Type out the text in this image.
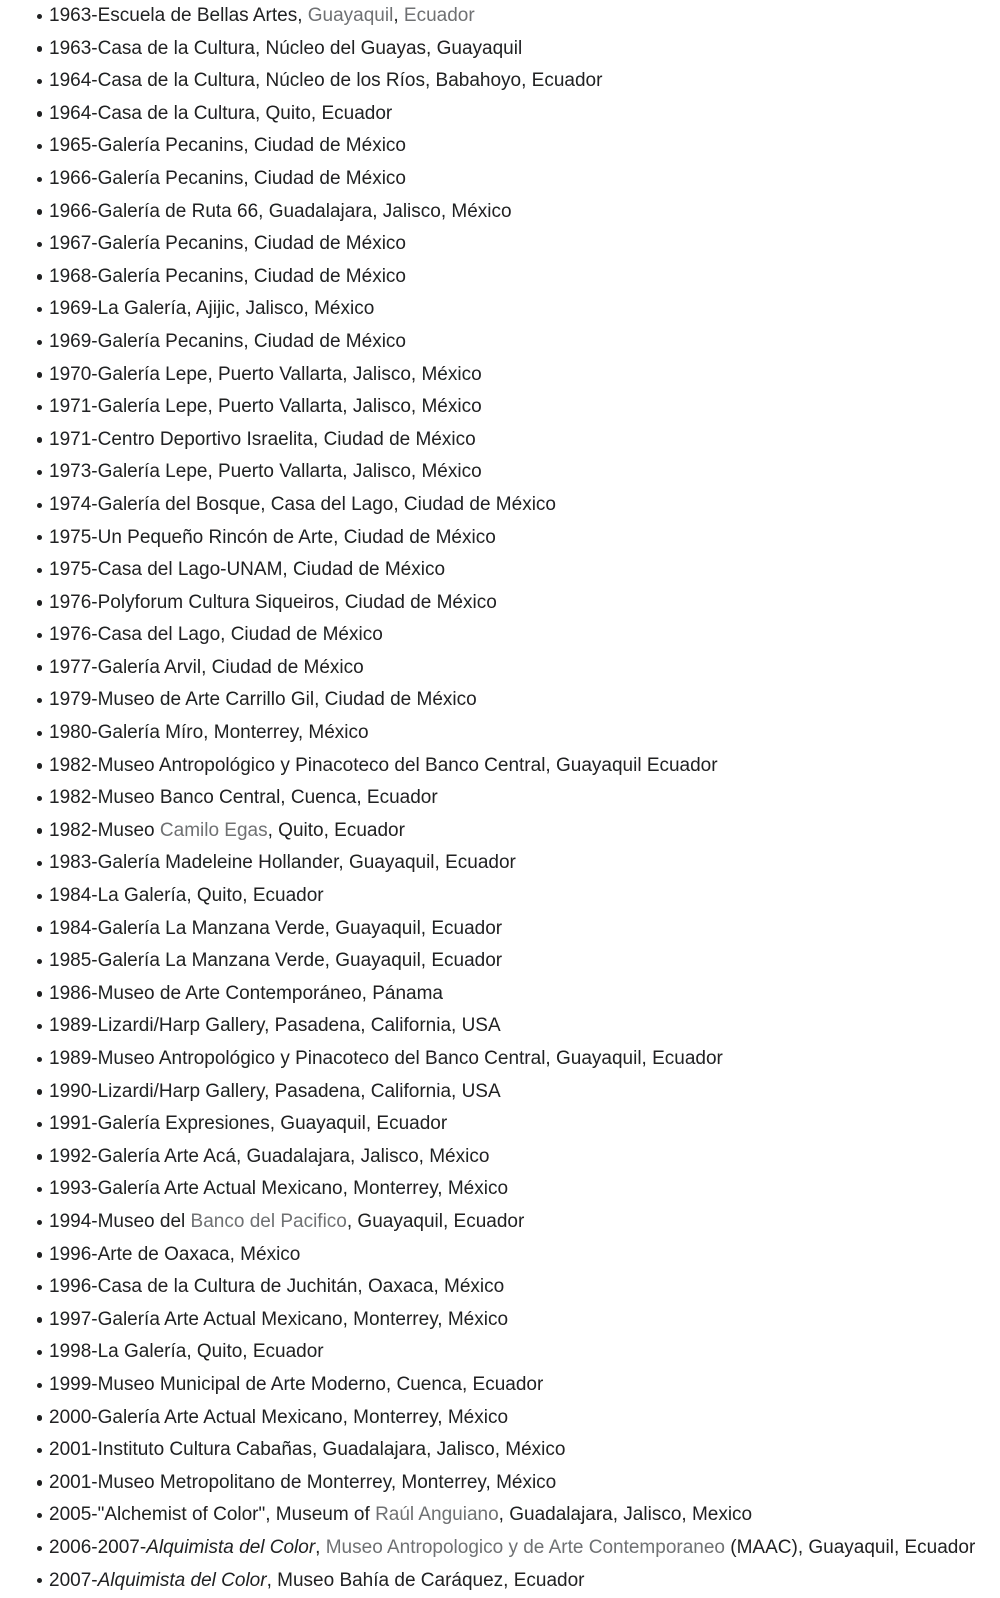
1963-Escuela de Bellas Artes, Guayaquil, Ecuador
1963-Casa de la Cultura, Núcleo del Guayas, Guayaquil
1964-Casa de la Cultura, Núcleo de los Ríos, Babahoyo, Ecuador
1964-Casa de la Cultura, Quito, Ecuador
1965-Galería Pecanins, Ciudad de México
1966-Galería Pecanins, Ciudad de México
1966-Galería de Ruta 66, Guadalajara, Jalisco, México
1967-Galería Pecanins, Ciudad de México
1968-Galería Pecanins, Ciudad de México
1969-La Galería, Ajijic, Jalisco, México
1969-Galería Pecanins, Ciudad de México
1970-Galería Lepe, Puerto Vallarta, Jalisco, México
1971-Galería Lepe, Puerto Vallarta, Jalisco, México
1971-Centro Deportivo Israelita, Ciudad de México
1973-Galería Lepe, Puerto Vallarta, Jalisco, México
1974-Galería del Bosque, Casa del Lago, Ciudad de México
1975-Un Pequeño Rincón de Arte, Ciudad de México
1975-Casa del Lago-UNAM, Ciudad de México
1976-Polyforum Cultura Siqueiros, Ciudad de México
1976-Casa del Lago, Ciudad de México
1977-Galería Arvil, Ciudad de México
1979-Museo de Arte Carrillo Gil, Ciudad de México
1980-Galería Míro, Monterrey, México
1982-Museo Antropológico y Pinacoteco del Banco Central, Guayaquil Ecuador
1982-Museo Banco Central, Cuenca, Ecuador
1982-Museo Camilo Egas, Quito, Ecuador
1983-Galería Madeleine Hollander, Guayaquil, Ecuador
1984-La Galería, Quito, Ecuador
1984-Galería La Manzana Verde, Guayaquil, Ecuador
1985-Galería La Manzana Verde, Guayaquil, Ecuador
1986-Museo de Arte Contemporáneo, Pánama
1989-Lizardi/Harp Gallery, Pasadena, California, USA
1989-Museo Antropológico y Pinacoteco del Banco Central, Guayaquil, Ecuador
1990-Lizardi/Harp Gallery, Pasadena, California, USA
1991-Galería Expresiones, Guayaquil, Ecuador
1992-Galería Arte Acá, Guadalajara, Jalisco, México
1993-Galería Arte Actual Mexicano, Monterrey, México
1994-Museo del Banco del Pacifico, Guayaquil, Ecuador
1996-Arte de Oaxaca, México
1996-Casa de la Cultura de Juchitán, Oaxaca, México
1997-Galería Arte Actual Mexicano, Monterrey, México
1998-La Galería, Quito, Ecuador
1999-Museo Municipal de Arte Moderno, Cuenca, Ecuador
2000-Galería Arte Actual Mexicano, Monterrey, México
2001-Instituto Cultura Cabañas, Guadalajara, Jalisco, México
2001-Museo Metropolitano de Monterrey, Monterrey, México
2005-"Alchemist of Color", Museum of Raúl Anguiano, Guadalajara, Jalisco, Mexico
2006-2007-Alquimista del Color, Museo Antropologico y de Arte Contemporaneo (MAAC), Guayaquil, Ecuador
2007-Alquimista del Color, Museo Bahía de Caráquez, Ecuador
